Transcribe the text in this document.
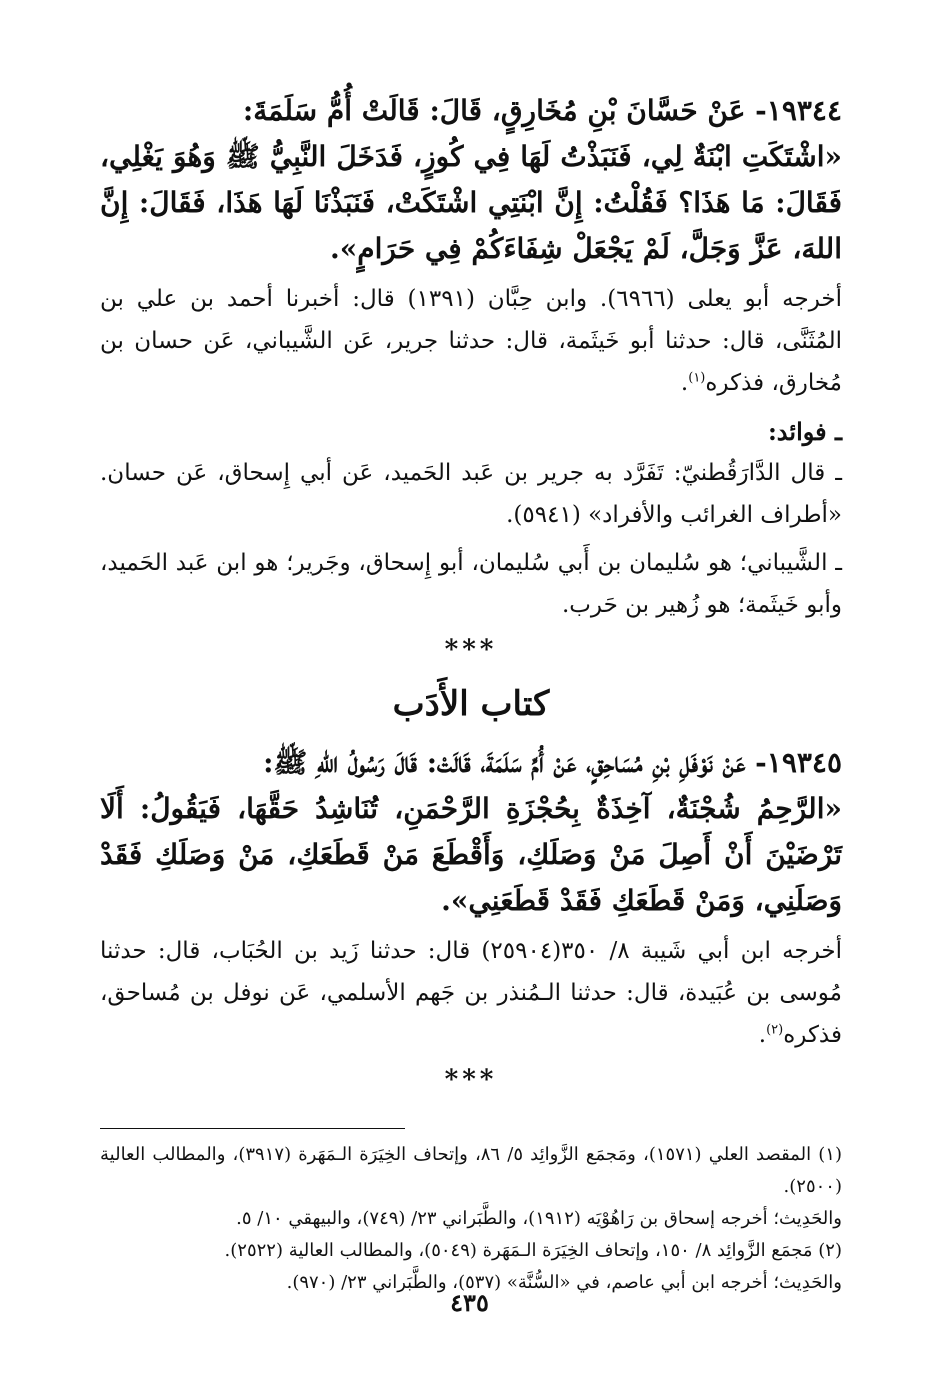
١٩٣٤٤- عَنْ حَسَّانَ بْنِ مُخَارِقٍ، قَالَ: قَالَتْ أُمُّ سَلَمَةَ:

«اشْتَكَتِ ابْنَةٌ لِي، فَنَبَذْتُ لَهَا فِي كُوزٍ، فَدَخَلَ النَّبِيُّ ﷺ وَهُوَ يَغْلِي، فَقَالَ: مَا هَذَا؟ فَقُلْتُ: إِنَّ ابْنَتِي اشْتَكَتْ، فَنَبَذْنَا لَهَا هَذَا، فَقَالَ: إِنَّ اللهَ، عَزَّ وَجَلَّ، لَمْ يَجْعَلْ شِفَاءَكُمْ فِي حَرَامٍ».

أخرجه أبو يعلى (٦٩٦٦). وابن حِبَّان (١٣٩١) قال: أخبرنا أحمد بن علي بن المُثَنَّى، قال: حدثنا أبو خَيثَمة، قال: حدثنا جرير، عَن الشَّيباني، عَن حسان بن مُخارق، فذكره$^{(١)}$.

ـ فوائد:

ـ قال الدَّارَقُطنيّ: تَفَرَّد به جرير بن عَبد الحَميد، عَن أبي إِسحاق، عَن حسان. «أطراف الغرائب والأفراد» (٥٩٤١).

ـ الشَّيباني؛ هو سُليمان بن أَبي سُليمان، أبو إِسحاق، وجَرير؛ هو ابن عَبد الحَميد، وأبو خَيثَمة؛ هو زُهير بن حَرب.

***
كتاب الأَدَب

١٩٣٤٥- عَنْ نَوْفَلِ بْنِ مُسَاحِقٍ، عَنْ أُمِّ سَلَمَةَ، قَالَتْ: قَالَ رَسُولُ اللهِ ﷺ:

«الرَّحِمُ شُجْنَةٌ، آخِذَةٌ بِحُجْزَةِ الرَّحْمَنِ، تُنَاشِدُ حَقَّهَا، فَيَقُولُ: أَلَا تَرْضَيْنَ أَنْ أَصِلَ مَنْ وَصَلَكِ، وَأَقْطَعَ مَنْ قَطَعَكِ، مَنْ وَصَلَكِ فَقَدْ وَصَلَنِي، وَمَنْ قَطَعَكِ فَقَدْ قَطَعَنِي».

أخرجه ابن أبي شَيبة ٨/ ٣٥٠(٢٥٩٠٤) قال: حدثنا زَيد بن الحُبَاب، قال: حدثنا مُوسى بن عُبَيدة، قال: حدثنا الـمُنذر بن جَهم الأسلمي، عَن نوفل بن مُساحق، فذكره$^{(٢)}$.

***

(١) المقصد العلي (١٥٧١)، ومَجمَع الزَّوائِد ٥/ ٨٦، وإتحاف الخِيَرَة الـمَهَرة (٣٩١٧)، والمطالب العالية (٢٥٠٠).

والحَدِيث؛ أخرجه إسحاق بن رَاهُوْيَه (١٩١٢)، والطَّبَراني ٢٣/ (٧٤٩)، والبيهقي ١٠/ ٥.

(٢) مَجمَع الزَّوائِد ٨/ ١٥٠، وإتحاف الخِيَرَة الـمَهَرة (٥٠٤٩)، والمطالب العالية (٢٥٢٢).

والحَدِيث؛ أخرجه ابن أبي عاصم، في «السُّنَّة» (٥٣٧)، والطَّبَراني ٢٣/ (٩٧٠).

٤٣٥
